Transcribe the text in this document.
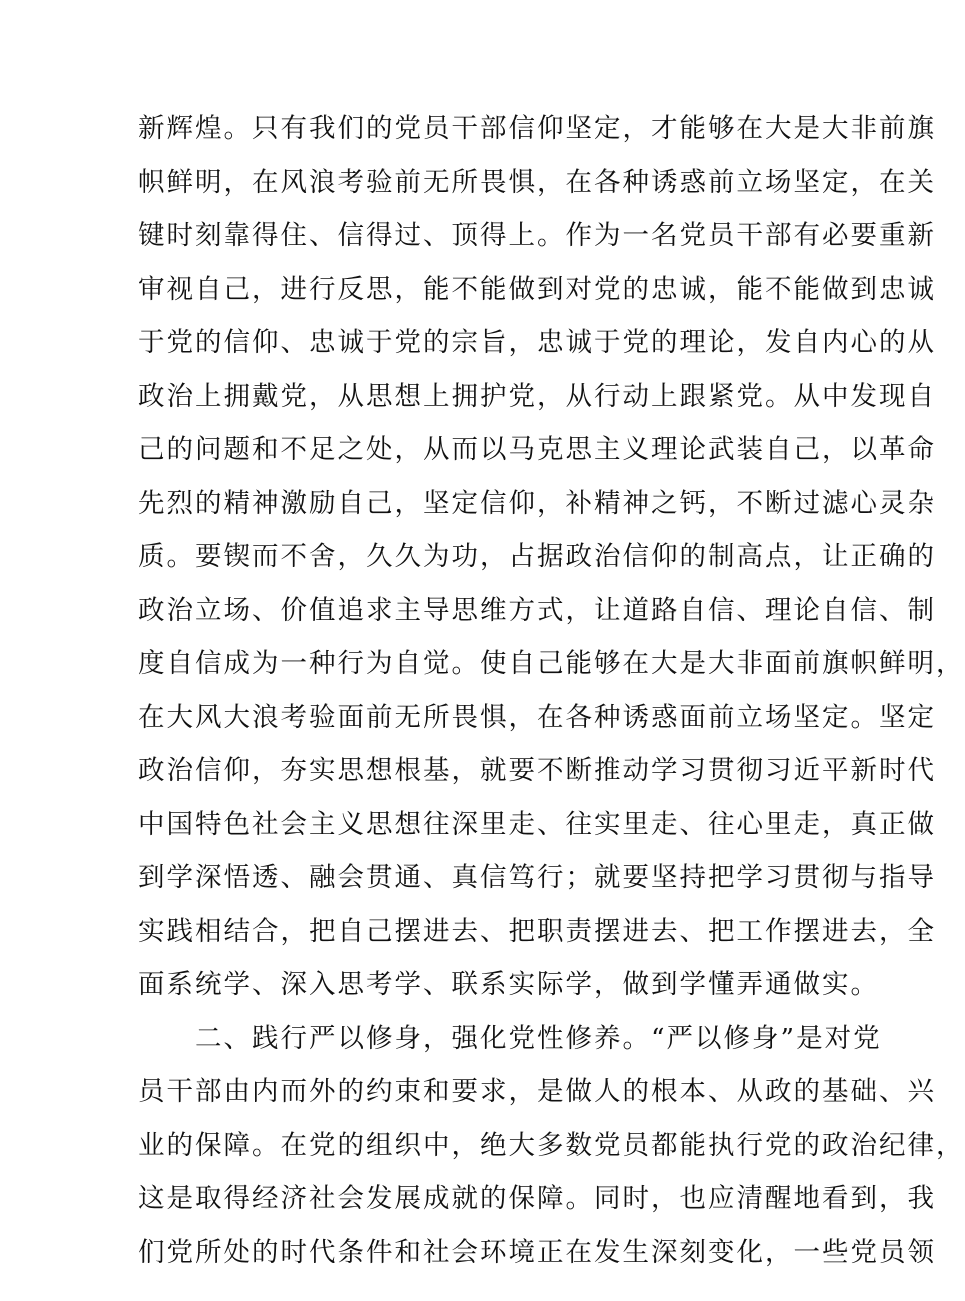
新辉煌。只有我们的党员干部信仰坚定，才能够在大是大非前旗
帜鲜明，在风浪考验前无所畏惧，在各种诱惑前立场坚定，在关
键时刻靠得住、信得过、顶得上。作为一名党员干部有必要重新
审视自己，进行反思，能不能做到对党的忠诚，能不能做到忠诚
于党的信仰、忠诚于党的宗旨，忠诚于党的理论，发自内心的从
政治上拥戴党，从思想上拥护党，从行动上跟紧党。从中发现自
己的问题和不足之处，从而以马克思主义理论武装自己，以革命
先烈的精神激励自己，坚定信仰，补精神之钙，不断过滤心灵杂
质。要锲而不舍，久久为功，占据政治信仰的制高点，让正确的
政治立场、价值追求主导思维方式，让道路自信、理论自信、制
度自信成为一种行为自觉。使自己能够在大是大非面前旗帜鲜明，
在大风大浪考验面前无所畏惧，在各种诱惑面前立场坚定。坚定
政治信仰，夯实思想根基，就要不断推动学习贯彻习近平新时代
中国特色社会主义思想往深里走、往实里走、往心里走，真正做
到学深悟透、融会贯通、真信笃行；就要坚持把学习贯彻与指导
实践相结合，把自己摆进去、把职责摆进去、把工作摆进去，全
面系统学、深入思考学、联系实际学，做到学懂弄通做实。
　　二、践行严以修身，强化党性修养。“严以修身”是对党
员干部由内而外的约束和要求，是做人的根本、从政的基础、兴
业的保障。在党的组织中，绝大多数党员都能执行党的政治纪律，
这是取得经济社会发展成就的保障。同时，也应清醒地看到，我
们党所处的时代条件和社会环境正在发生深刻变化，一些党员领
